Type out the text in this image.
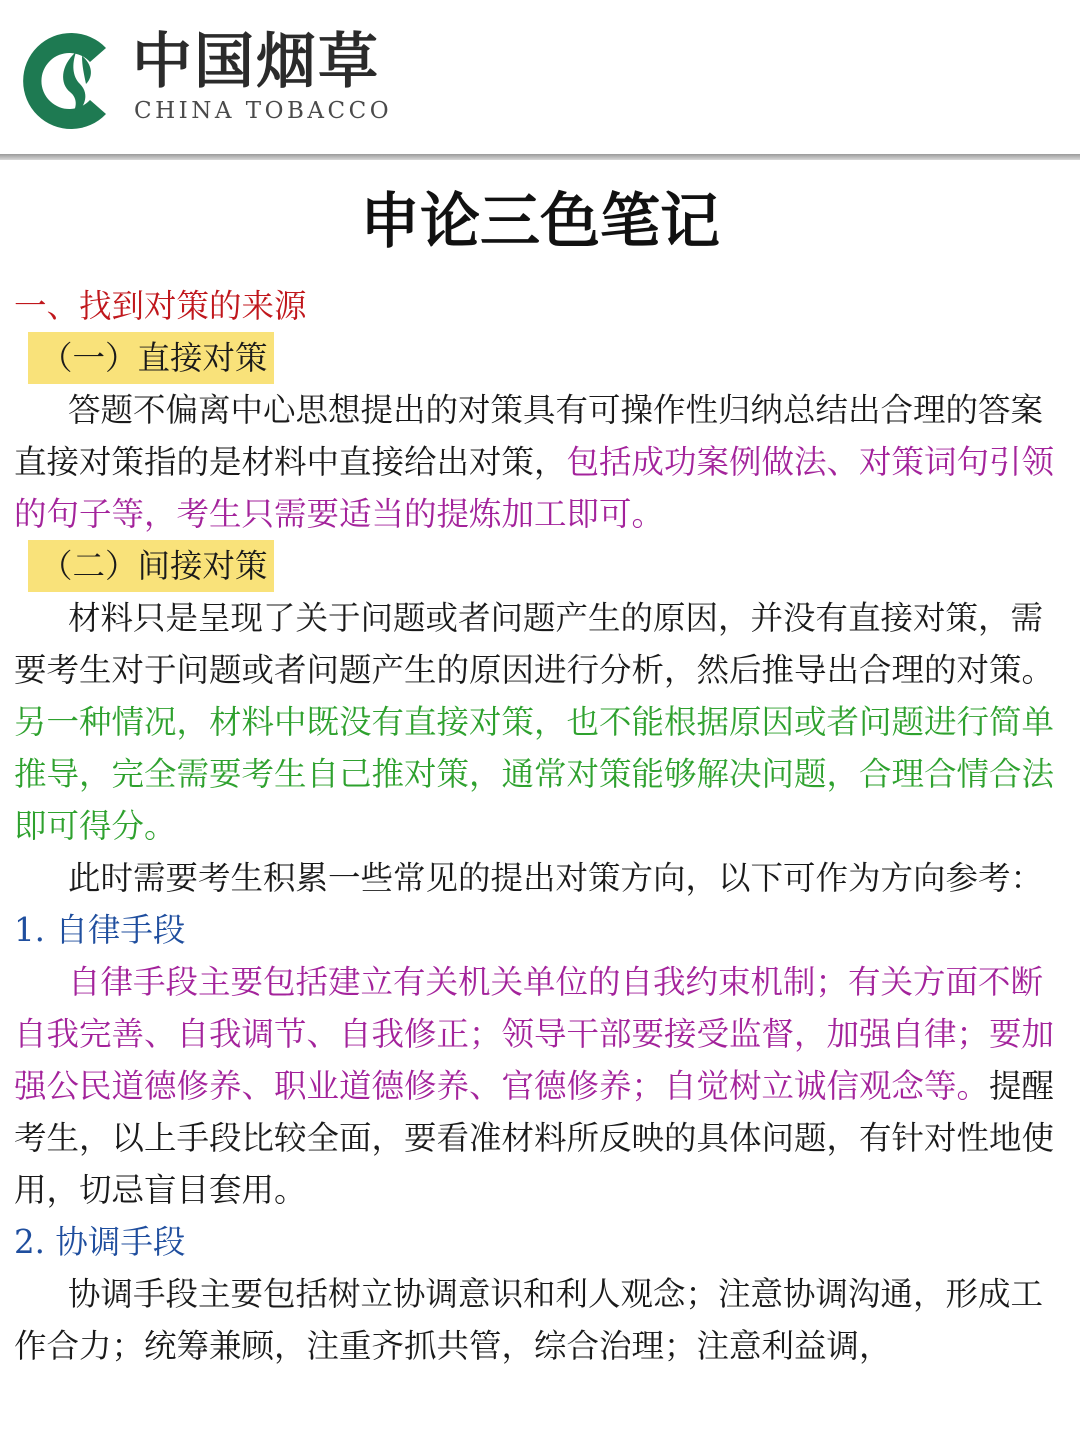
中国烟草
CHINA TOBACCO
申论三色笔记

一、找到对策的来源

（一）直接对策

答题不偏离中心思想提出的对策具有可操作性归纳总结出合理的答案直接对策指的是材料中直接给出对策，包括成功案例做法、对策词句引领的句子等，考生只需要适当的提炼加工即可。

（二）间接对策

材料只是呈现了关于问题或者问题产生的原因，并没有直接对策，需要考生对于问题或者问题产生的原因进行分析，然后推导出合理的对策。另一种情况，材料中既没有直接对策，也不能根据原因或者问题进行简单推导，完全需要考生自己推对策，通常对策能够解决问题，合理合情合法即可得分。

此时需要考生积累一些常见的提出对策方向，以下可作为方向参考：

1. 自律手段

自律手段主要包括建立有关机关单位的自我约束机制；有关方面不断自我完善、自我调节、自我修正；领导干部要接受监督，加强自律；要加强公民道德修养、职业道德修养、官德修养；自觉树立诚信观念等。提醒考生，以上手段比较全面，要看准材料所反映的具体问题，有针对性地使用，切忌盲目套用。

2. 协调手段

协调手段主要包括树立协调意识和利人观念；注意协调沟通，形成工作合力；统筹兼顾，注重齐抓共管，综合治理；注意利益调，
